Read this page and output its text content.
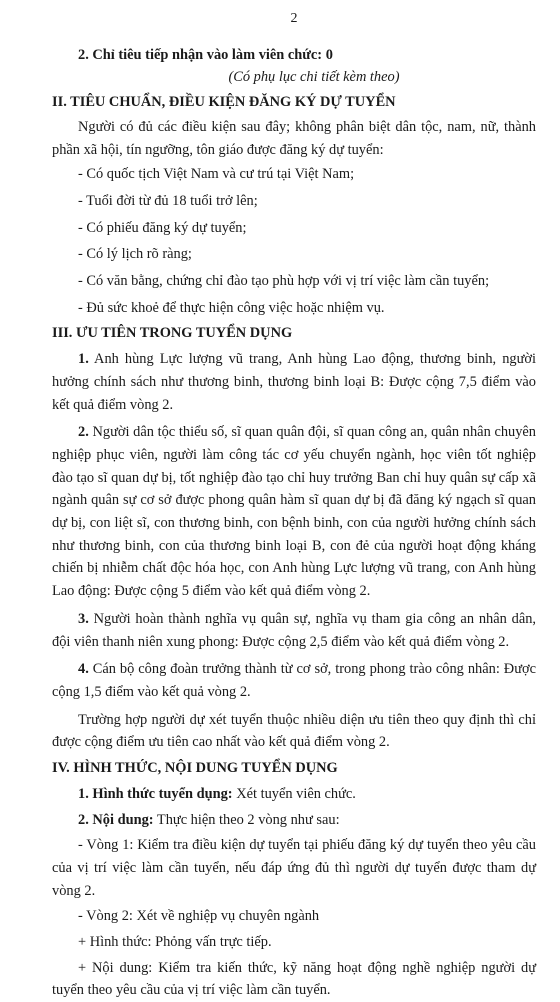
2

2. Chỉ tiêu tiếp nhận vào làm viên chức: 0

(Có phụ lục chi tiết kèm theo)

II. TIÊU CHUẨN, ĐIỀU KIỆN ĐĂNG KÝ DỰ TUYỂN

Người có đủ các điều kiện sau đây; không phân biệt dân tộc, nam, nữ, thành phần xã hội, tín ngưỡng, tôn giáo được đăng ký dự tuyển:

- Có quốc tịch Việt Nam và cư trú tại Việt Nam;

- Tuổi đời từ đủ 18 tuổi trở lên;

- Có phiếu đăng ký dự tuyển;

- Có lý lịch rõ ràng;

- Có văn bằng, chứng chỉ đào tạo phù hợp với vị trí việc làm cần tuyển;

- Đủ sức khoẻ để thực hiện công việc hoặc nhiệm vụ.

III. ƯU TIÊN TRONG TUYỂN DỤNG

1. Anh hùng Lực lượng vũ trang, Anh hùng Lao động, thương binh, người hưởng chính sách như thương binh, thương binh loại B: Được cộng 7,5 điểm vào kết quả điểm vòng 2.

2. Người dân tộc thiểu số, sĩ quan quân đội, sĩ quan công an, quân nhân chuyên nghiệp phục viên, người làm công tác cơ yếu chuyển ngành, học viên tốt nghiệp đào tạo sĩ quan dự bị, tốt nghiệp đào tạo chỉ huy trưởng Ban chỉ huy quân sự cấp xã ngành quân sự cơ sở được phong quân hàm sĩ quan dự bị đã đăng ký ngạch sĩ quan dự bị, con liệt sĩ, con thương binh, con bệnh binh, con của người hưởng chính sách như thương binh, con của thương binh loại B, con đẻ của người hoạt động kháng chiến bị nhiễm chất độc hóa học, con Anh hùng Lực lượng vũ trang, con Anh hùng Lao động: Được cộng 5 điểm vào kết quả điểm vòng 2.

3. Người hoàn thành nghĩa vụ quân sự, nghĩa vụ tham gia công an nhân dân, đội viên thanh niên xung phong: Được cộng 2,5 điểm vào kết quả điểm vòng 2.

4. Cán bộ công đoàn trưởng thành từ cơ sở, trong phong trào công nhân: Được cộng 1,5 điểm vào kết quả vòng 2.

Trường hợp người dự xét tuyển thuộc nhiều diện ưu tiên theo quy định thì chỉ được cộng điểm ưu tiên cao nhất vào kết quả điểm vòng 2.

IV. HÌNH THỨC, NỘI DUNG TUYỂN DỤNG

1. Hình thức tuyển dụng: Xét tuyển viên chức.

2. Nội dung: Thực hiện theo 2 vòng như sau:

- Vòng 1: Kiểm tra điều kiện dự tuyển tại phiếu đăng ký dự tuyển theo yêu cầu của vị trí việc làm cần tuyển, nếu đáp ứng đủ thì người dự tuyển được tham dự vòng 2.

- Vòng 2: Xét về nghiệp vụ chuyên ngành

+ Hình thức: Phỏng vấn trực tiếp.

+ Nội dung: Kiểm tra kiến thức, kỹ năng hoạt động nghề nghiệp người dự tuyển theo yêu cầu của vị trí việc làm cần tuyển.
